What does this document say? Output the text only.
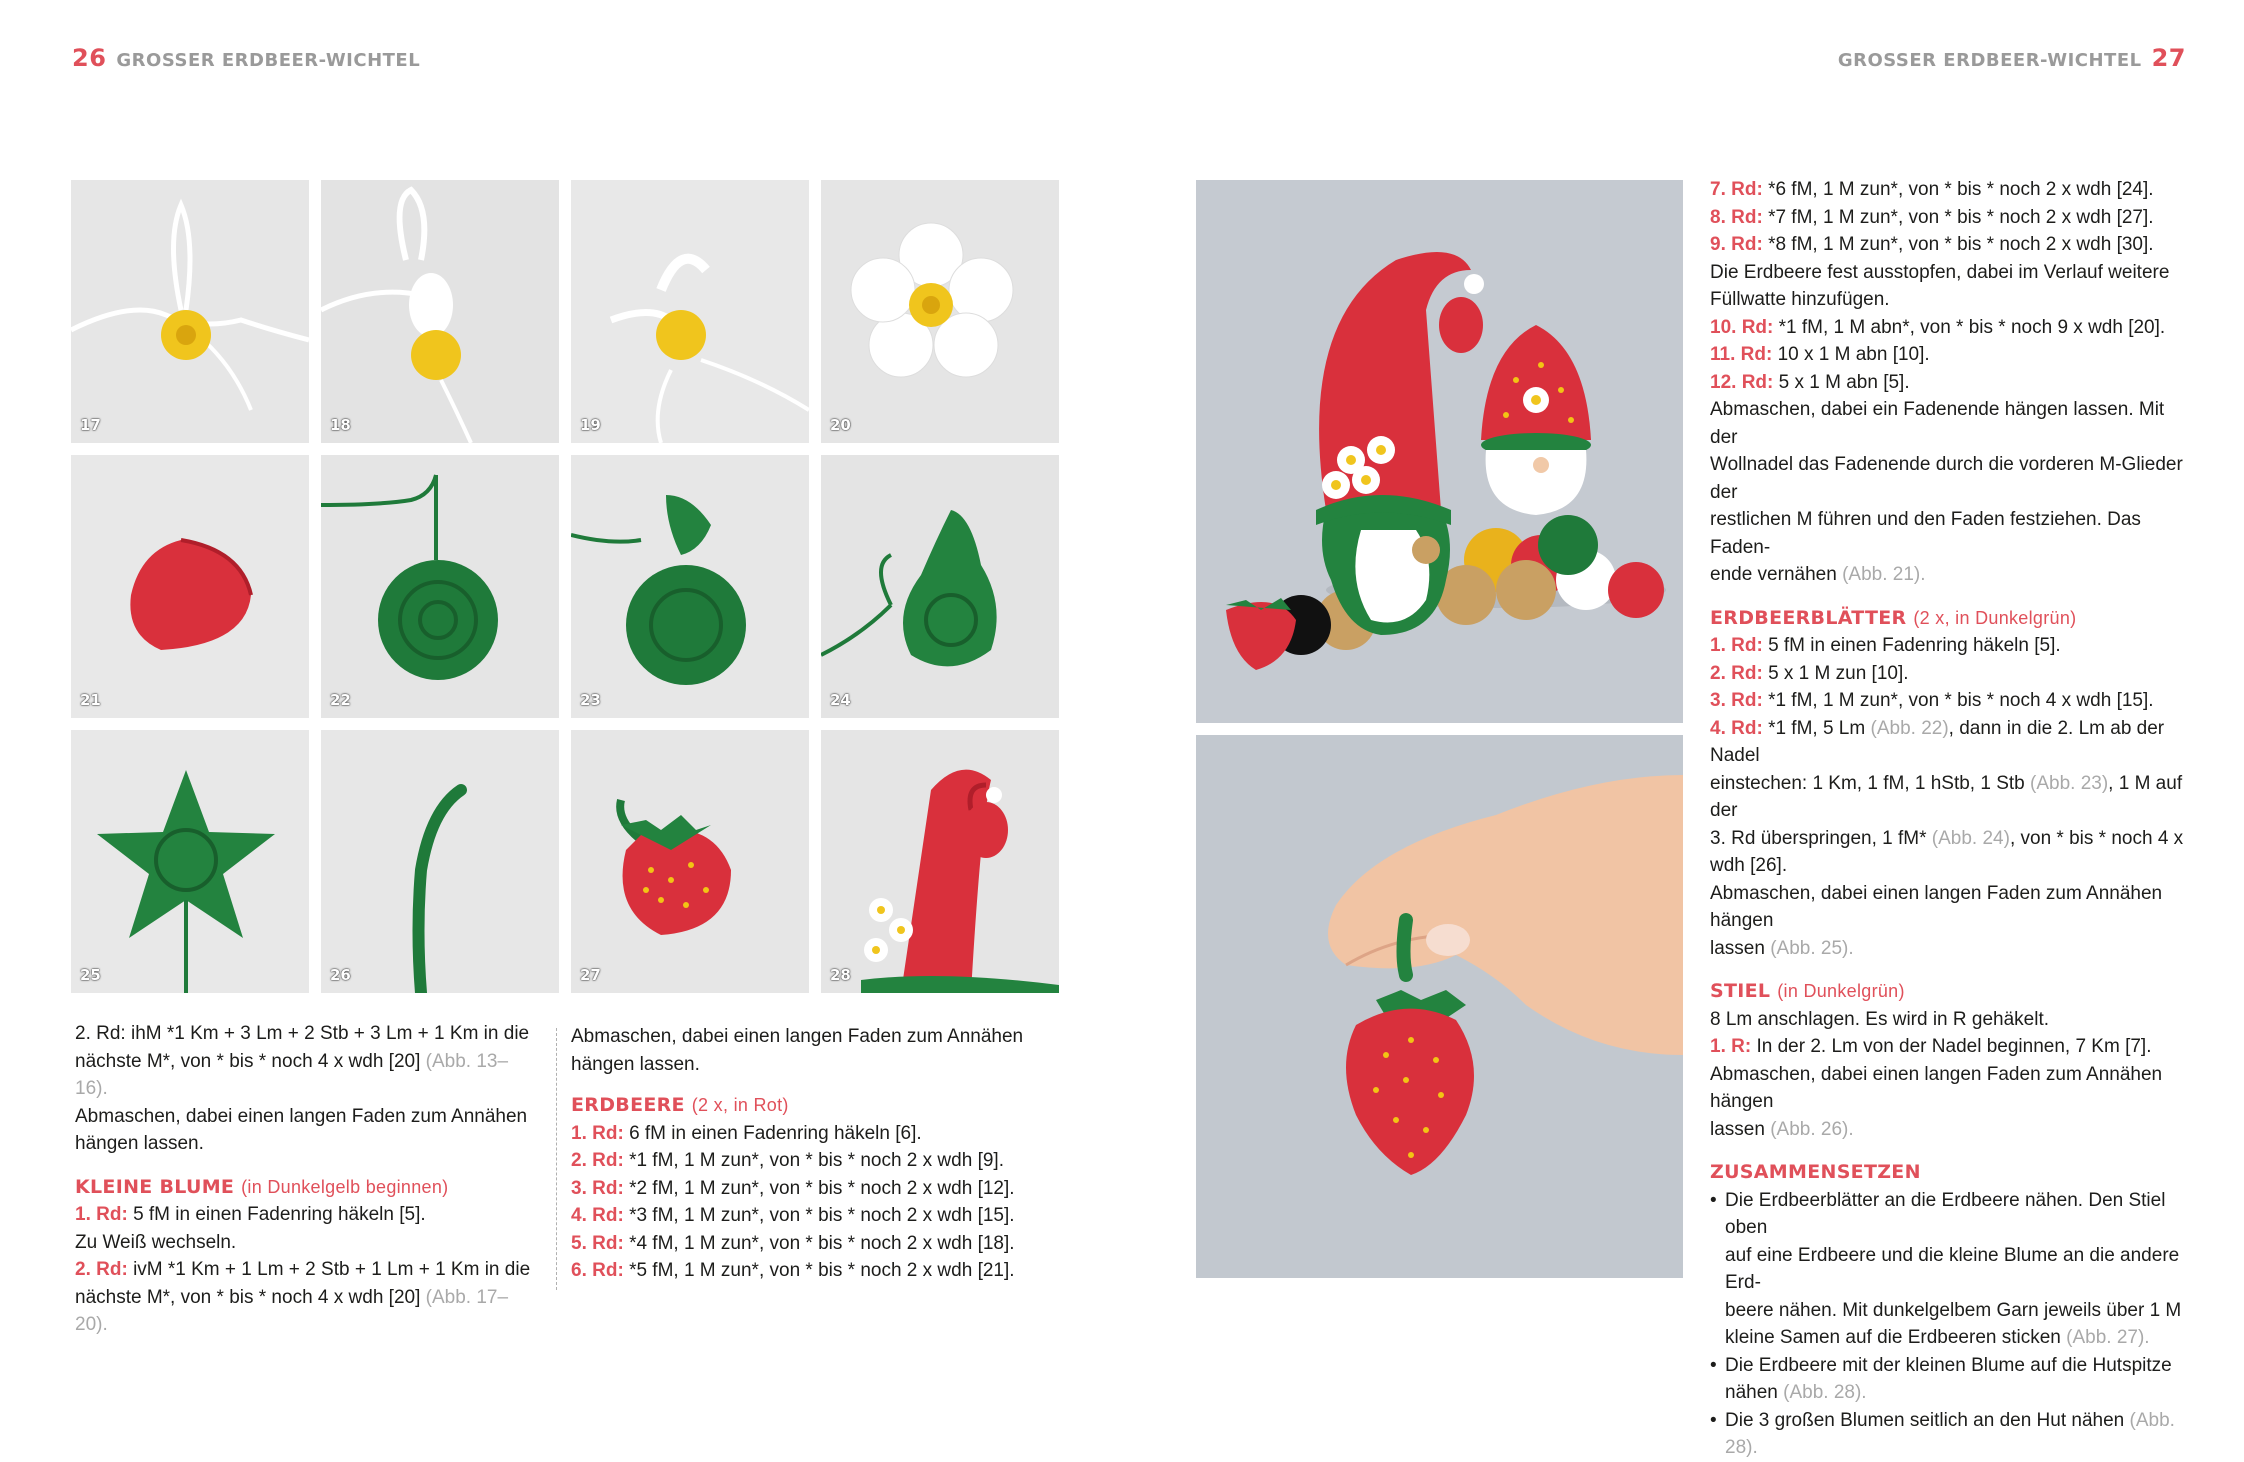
26 GROSSER ERDBEER-WICHTEL	GROSSER ERDBEER-WICHTEL 27
17	18	19	20
21	22	23	24
25	26	27	28

2. Rd: ihM *1 Km + 3 Lm + 2 Stb + 3 Lm + 1 Km in die

nächste M*, von * bis * noch 4 x wdh [20] (Abb. 13–16).

Abmaschen, dabei einen langen Faden zum Annähen

hängen lassen.

KLEINE BLUME (in Dunkelgelb beginnen)

1. Rd: 5 fM in einen Fadenring häkeln [5].

Zu Weiß wechseln.

2. Rd: ivM *1 Km + 1 Lm + 2 Stb + 1 Lm + 1 Km in die

nächste M*, von * bis * noch 4 x wdh [20] (Abb. 17–20).

Abmaschen, dabei einen langen Faden zum Annähen

hängen lassen.

ERDBEERE (2 x, in Rot)

1. Rd: 6 fM in einen Fadenring häkeln [6].

2. Rd: *1 fM, 1 M zun*, von * bis * noch 2 x wdh [9].

3. Rd: *2 fM, 1 M zun*, von * bis * noch 2 x wdh [12].

4. Rd: *3 fM, 1 M zun*, von * bis * noch 2 x wdh [15].

5. Rd: *4 fM, 1 M zun*, von * bis * noch 2 x wdh [18].

6. Rd: *5 fM, 1 M zun*, von * bis * noch 2 x wdh [21].

7. Rd: *6 fM, 1 M zun*, von * bis * noch 2 x wdh [24].

8. Rd: *7 fM, 1 M zun*, von * bis * noch 2 x wdh [27].

9. Rd: *8 fM, 1 M zun*, von * bis * noch 2 x wdh [30].

Die Erdbeere fest ausstopfen, dabei im Verlauf weitere

Füllwatte hinzufügen.

10. Rd: *1 fM, 1 M abn*, von * bis * noch 9 x wdh [20].

11. Rd: 10 x 1 M abn [10].

12. Rd: 5 x 1 M abn [5].

Abmaschen, dabei ein Fadenende hängen lassen. Mit der

Wollnadel das Fadenende durch die vorderen M-Glieder der

restlichen M führen und den Faden festziehen. Das Faden-

ende vernähen (Abb. 21).

ERDBEERBLÄTTER (2 x, in Dunkelgrün)

1. Rd: 5 fM in einen Fadenring häkeln [5].

2. Rd: 5 x 1 M zun [10].

3. Rd: *1 fM, 1 M zun*, von * bis * noch 4 x wdh [15].

4. Rd: *1 fM, 5 Lm (Abb. 22), dann in die 2. Lm ab der Nadel

einstechen: 1 Km, 1 fM, 1 hStb, 1 Stb (Abb. 23), 1 M auf der

3. Rd überspringen, 1 fM* (Abb. 24), von * bis * noch 4 x

wdh [26].

Abmaschen, dabei einen langen Faden zum Annähen hängen

lassen (Abb. 25).

STIEL (in Dunkelgrün)

8 Lm anschlagen. Es wird in R gehäkelt.

1. R: In der 2. Lm von der Nadel beginnen, 7 Km [7].

Abmaschen, dabei einen langen Faden zum Annähen hängen

lassen (Abb. 26).

ZUSAMMENSETZEN

• Die Erdbeerblätter an die Erdbeere nähen. Den Stiel oben

auf eine Erdbeere und die kleine Blume an die andere Erd-

beere nähen. Mit dunkelgelbem Garn jeweils über 1 M

kleine Samen auf die Erdbeeren sticken (Abb. 27).

• Die Erdbeere mit der kleinen Blume auf die Hutspitze

nähen (Abb. 28).

• Die 3 großen Blumen seitlich an den Hut nähen (Abb. 28).
